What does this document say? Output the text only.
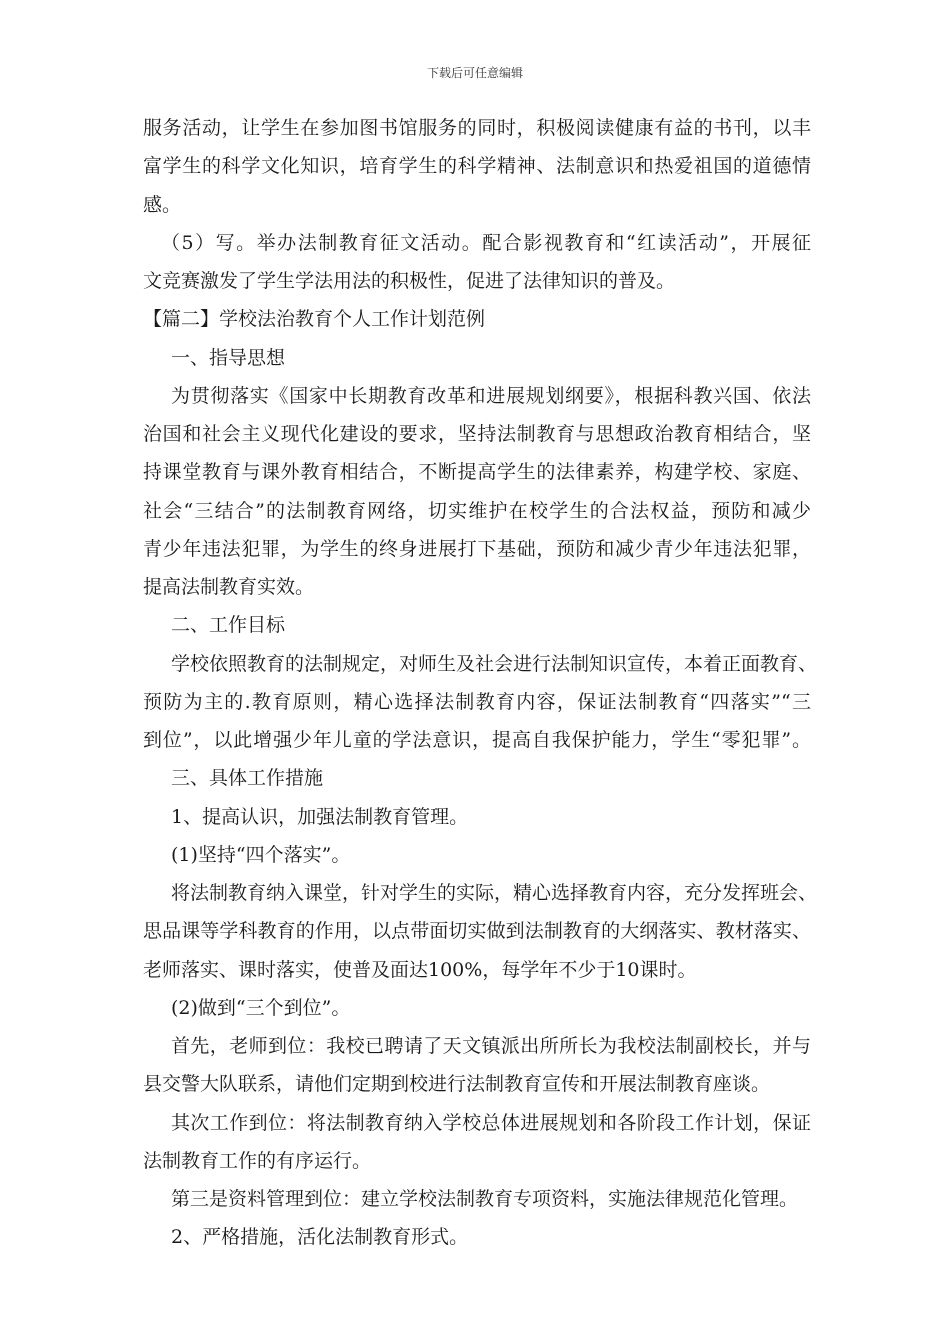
下载后可任意编辑
服务活动，让学生在参加图书馆服务的同时，积极阅读健康有益的书刊，以丰
富学生的科学文化知识，培育学生的科学精神、法制意识和热爱祖国的道德情
感。
（5）写。举办法制教育征文活动。配合影视教育和“红读活动”，开展征
文竞赛激发了学生学法用法的积极性，促进了法律知识的普及。
【篇二】学校法治教育个人工作计划范例
一、指导思想
为贯彻落实《国家中长期教育改革和进展规划纲要》，根据科教兴国、依法
治国和社会主义现代化建设的要求，坚持法制教育与思想政治教育相结合，坚
持课堂教育与课外教育相结合，不断提高学生的法律素养，构建学校、家庭、
社会“三结合”的法制教育网络，切实维护在校学生的合法权益，预防和减少
青少年违法犯罪，为学生的终身进展打下基础，预防和减少青少年违法犯罪，
提高法制教育实效。
二、工作目标
学校依照教育的法制规定，对师生及社会进行法制知识宣传，本着正面教育、
预防为主的.教育原则，精心选择法制教育内容，保证法制教育“四落实”“三
到位”，以此增强少年儿童的学法意识，提高自我保护能力，学生“零犯罪”。
三、具体工作措施
1、提高认识，加强法制教育管理。
(1)坚持“四个落实”。
将法制教育纳入课堂，针对学生的实际，精心选择教育内容，充分发挥班会、
思品课等学科教育的作用，以点带面切实做到法制教育的大纲落实、教材落实、
老师落实、课时落实，使普及面达100%，每学年不少于10课时。
(2)做到“三个到位”。
首先，老师到位：我校已聘请了天文镇派出所所长为我校法制副校长，并与
县交警大队联系，请他们定期到校进行法制教育宣传和开展法制教育座谈。
其次工作到位：将法制教育纳入学校总体进展规划和各阶段工作计划，保证
法制教育工作的有序运行。
第三是资料管理到位：建立学校法制教育专项资料，实施法律规范化管理。
2、严格措施，活化法制教育形式。
